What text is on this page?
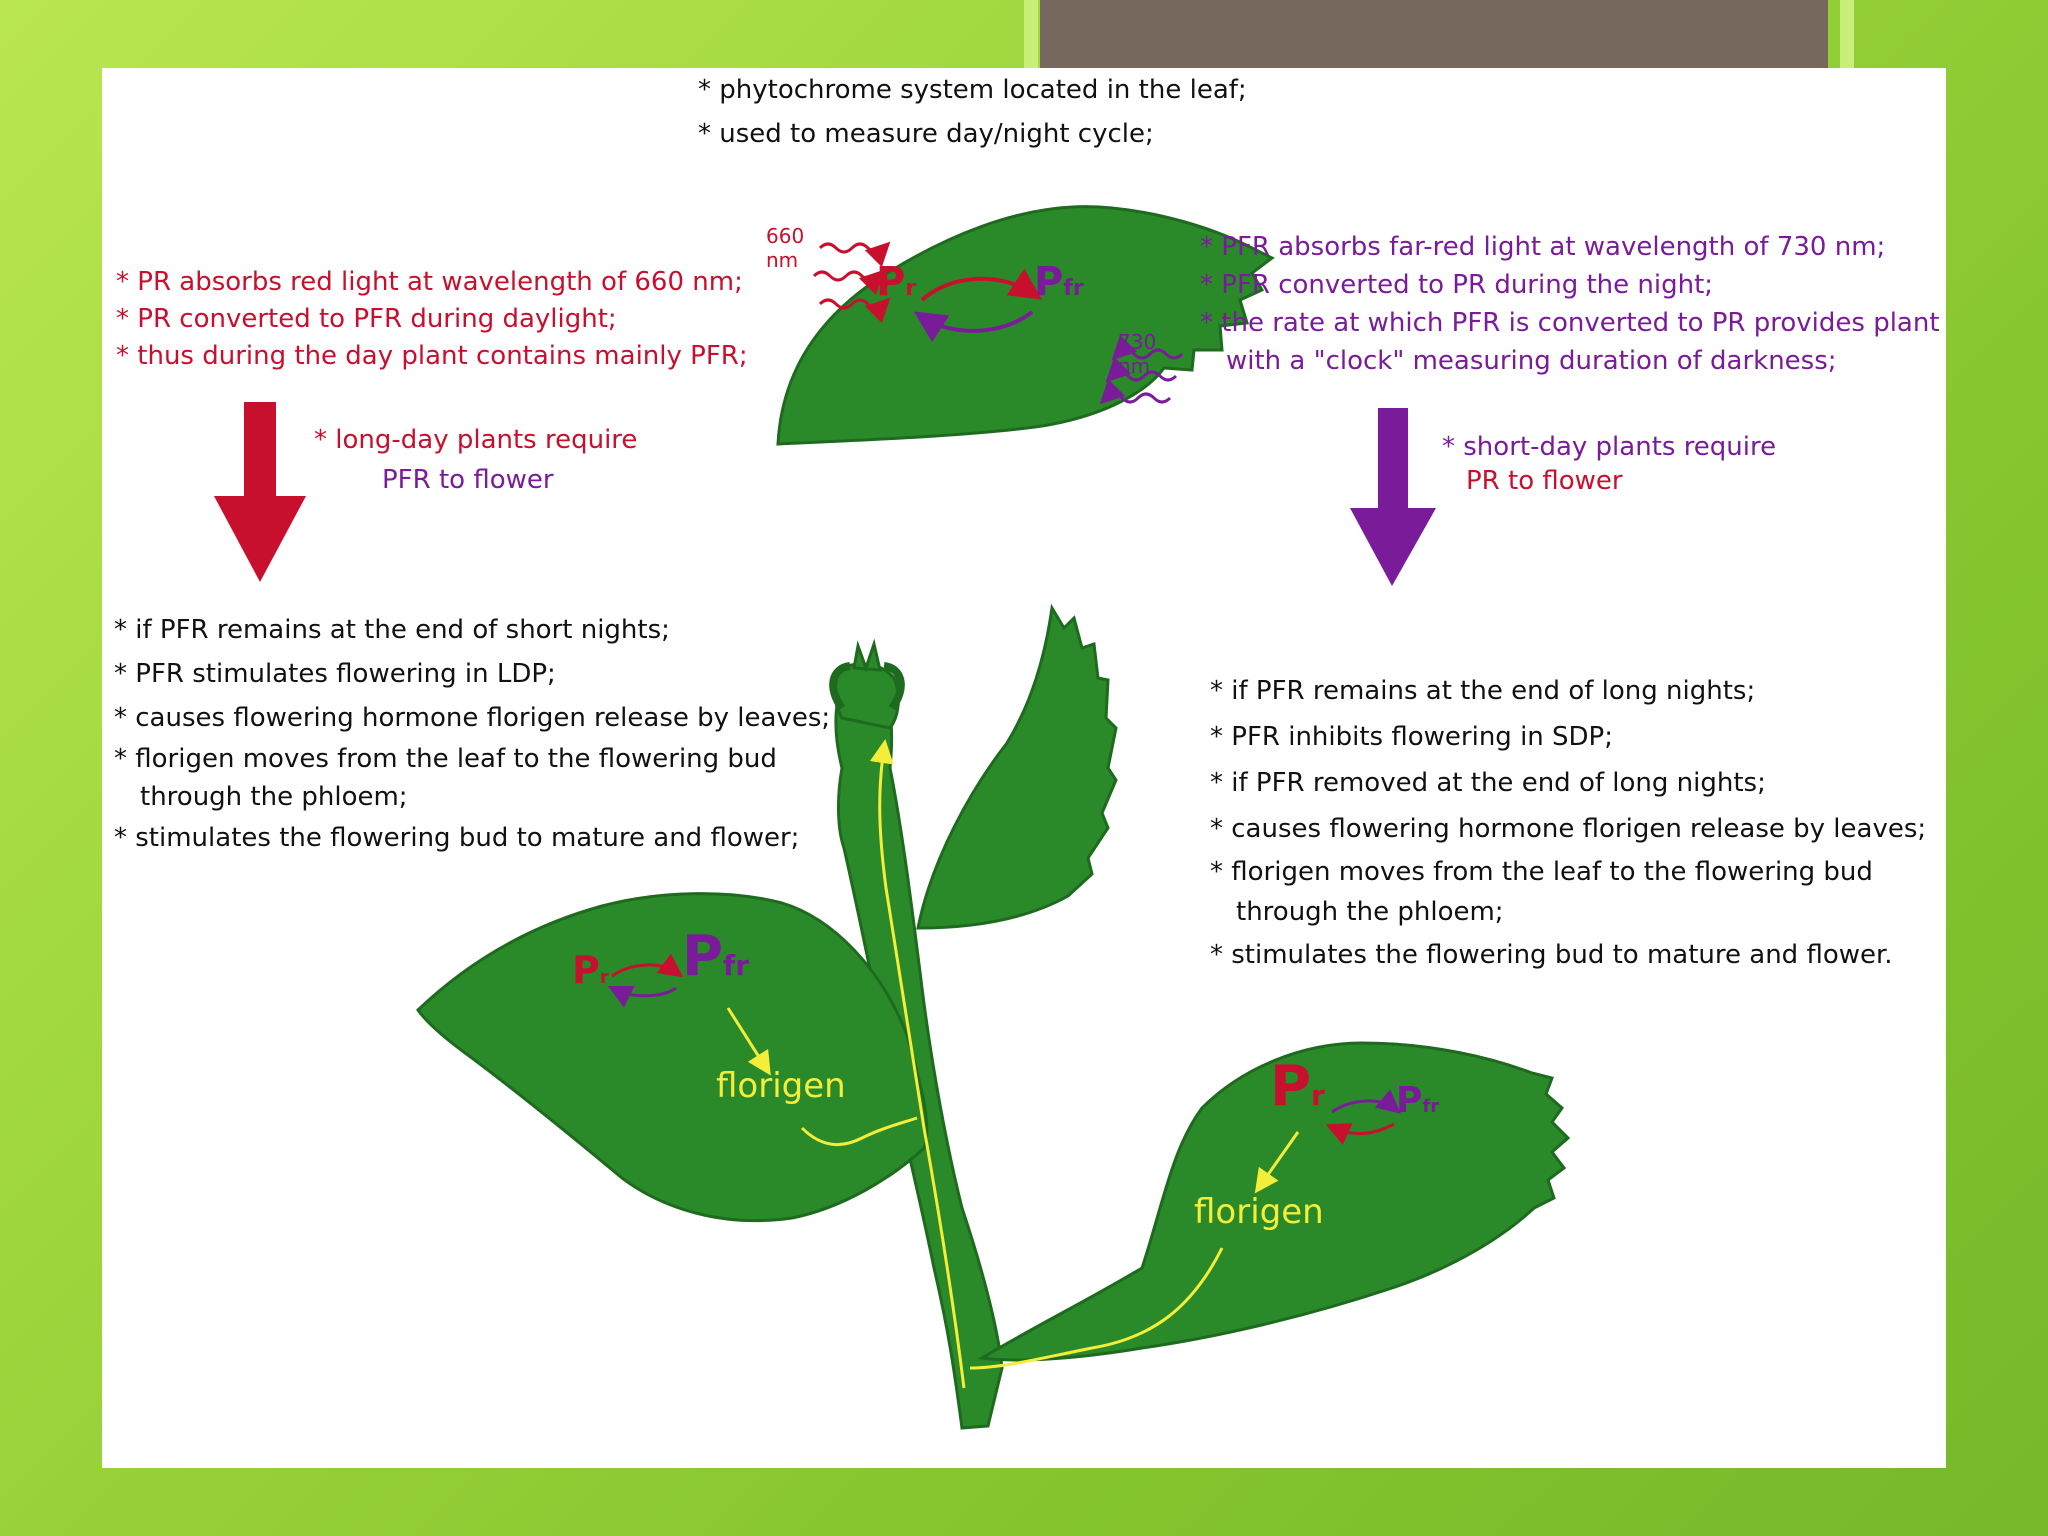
* phytochrome system located in the leaf;
* used to measure day/night cycle;
660
nm
730
nm
Pr	Pfr
* PR absorbs red light at wavelength of 660 nm;
* PR converted to PFR during daylight;
* thus during the day plant contains mainly PFR;
* PFR absorbs far-red light at wavelength of 730 nm;
* PFR converted to PR during the night;
* the rate at which PFR is converted to PR provides plant
with a "clock" measuring duration of darkness;
* long-day plants require
PFR to flower
* short-day plants require
PR to flower
* if PFR remains at the end of short nights;
* PFR stimulates flowering in LDP;
* causes flowering hormone florigen release by leaves;
* florigen moves from the leaf to the flowering bud
through the phloem;
* stimulates the flowering bud to mature and flower;
* if PFR remains at the end of long nights;
* PFR inhibits flowering in SDP;
* if PFR removed at the end of long nights;
* causes flowering hormone florigen release by leaves;
* florigen moves from the leaf to the flowering bud
through the phloem;
* stimulates the flowering bud to mature and flower.
Pr Pfr
florigen	Pr Pfr
florigen
